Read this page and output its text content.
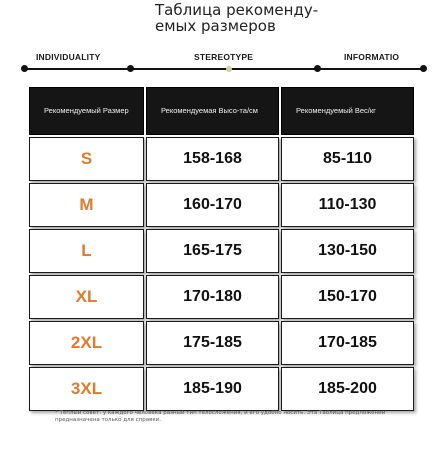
Таблица рекоменду-
емых размеров
INDIVIDUALITY	STEREOTYPE	INFORMATIO
Рекомендуемый Размер	Рекомендуемая Высо-та/см	Рекомендуемый Вес/кг
S	158-168	85-110
M	160-170	110-130
L	165-175	130-150
XL	170-180	150-170
2XL	175-185	170-185
3XL	185-190	185-200
* Теплый совет: у каждого человека разный тип телосложения, и его удобно носить. Эта Таблица предложений предназначена только для справки.
